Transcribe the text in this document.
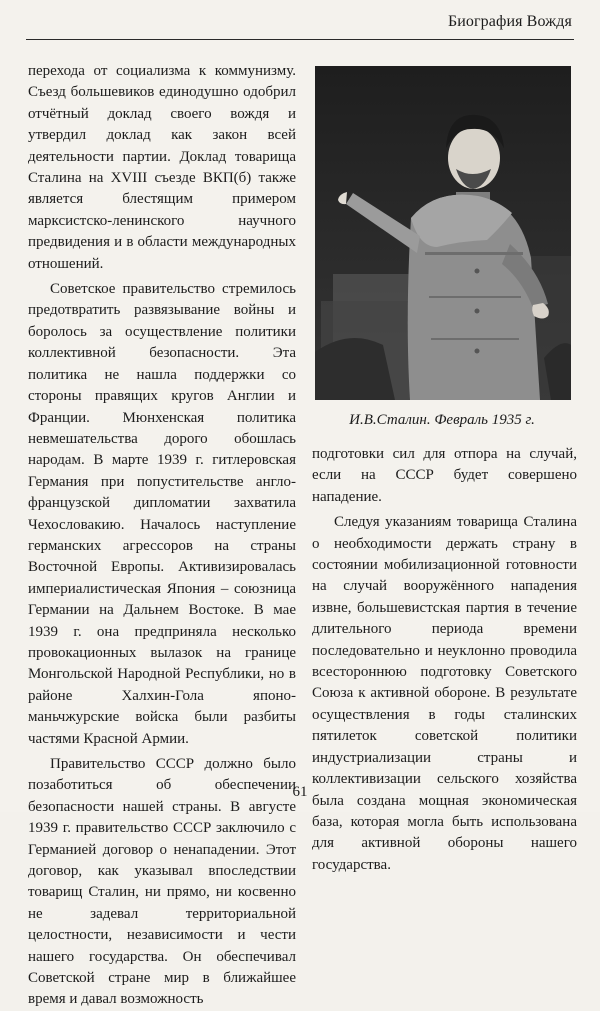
Биография Вождя

перехода от социализма к коммунизму. Съезд большевиков единодушно одобрил отчётный доклад своего вождя и утвердил доклад как закон всей деятельности партии. Доклад товарища Сталина на XVIII съезде ВКП(б) также является блестящим примером марксистско-ленинского научного предвидения и в области международных отношений.

Советское правительство стремилось предотвратить развязывание войны и боролось за осуществление политики коллективной безопасности. Эта политика не нашла поддержки со стороны правящих кругов Англии и Франции. Мюнхенская политика невмешательства дорого обошлась народам. В марте 1939 г. гитлеровская Германия при попустительстве англо-французской дипломатии захватила Чехословакию. Началось наступление германских агрессоров на страны Восточной Европы. Активизировалась империалистическая Япония – союзница Германии на Дальнем Востоке. В мае 1939 г. она предприняла несколько провокационных вылазок на границе Монгольской Народной Республики, но в районе Халхин-Гола японо-маньчжурские войска были разбиты частями Красной Армии.

Правительство СССР должно было позаботиться об обеспечении безопасности нашей страны. В августе 1939 г. правительство СССР заключило с Германией договор о ненападении. Этот договор, как указывал впоследствии товарищ Сталин, ни прямо, ни косвенно не задевал территориальной целостности, независимости и чести нашего государства. Он обеспечивал Советской стране мир в ближайшее время и давал возможность

И.В.Сталин. Февраль 1935 г.

подготовки сил для отпора на случай, если на СССР будет совершено нападение.

Следуя указаниям товарища Сталина о необходимости держать страну в состоянии мобилизационной готовности на случай вооружённого нападения извне, большевистская партия в течение длительного периода времени последовательно и неуклонно проводила всестороннюю подготовку Советского Союза к активной обороне. В результате осуществления в годы сталинских пятилеток советской политики индустриализации страны и коллективизации сельского хозяйства была создана мощная экономическая база, которая могла быть использована для активной обороны нашего государства.

61
